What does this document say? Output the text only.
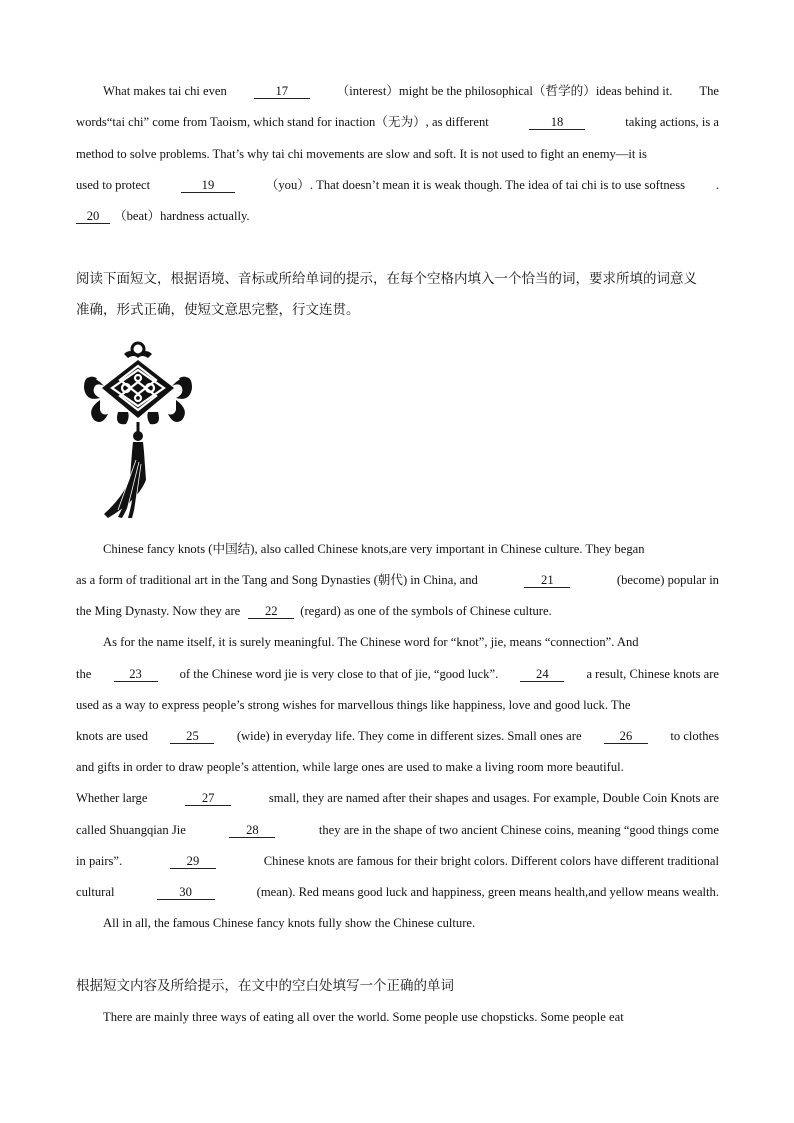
What makes tai chi even	17	（interest）might be the philosophical（哲学的）ideas behind it. The
words“tai chi” come from Taoism, which stand for inaction（无为）, as different	18	taking actions, is a
method to solve problems. That’s why tai chi movements are slow and soft. It is not used to fight an enemy—it is
used to protect	19	（you）. That doesn’t mean it is weak though. The idea of tai chi is to use softness .
20	（beat）hardness actually.
阅读下面短文，根据语境、音标或所给单词的提示，在每个空格内填入一个恰当的词，要求所填的词意义
准确，形式正确，使短文意思完整，行文连贯。
Chinese fancy knots (中国结), also called Chinese knots,are very important in Chinese culture. They began
as a form of traditional art in the Tang and Song Dynasties (朝代) in China, and	21	(become) popular in
the Ming Dynasty. Now they are	22	(regard) as one of the symbols of Chinese culture.
As for the name itself, it is surely meaningful. The Chinese word for “knot”, jie, means “connection”. And
the	23	of the Chinese word jie is very close to that of jie, “good luck”.	24	a result, Chinese knots are
used as a way to express people’s strong wishes for marvellous things like happiness, love and good luck. The
knots are used	25	(wide) in everyday life. They come in different sizes. Small ones are	26	to clothes
and gifts in order to draw people’s attention, while large ones are used to make a living room more beautiful.
Whether large	27	small, they are named after their shapes and usages. For example, Double Coin Knots are
called Shuangqian Jie	28	they are in the shape of two ancient Chinese coins, meaning “good things come
in pairs”.	29	Chinese knots are famous for their bright colors. Different colors have different traditional
cultural	30	(mean). Red means good luck and happiness, green means health,and yellow means wealth.
All in all, the famous Chinese fancy knots fully show the Chinese culture.
根据短文内容及所给提示，在文中的空白处填写一个正确的单词
There are mainly three ways of eating all over the world. Some people use chopsticks. Some people eat
